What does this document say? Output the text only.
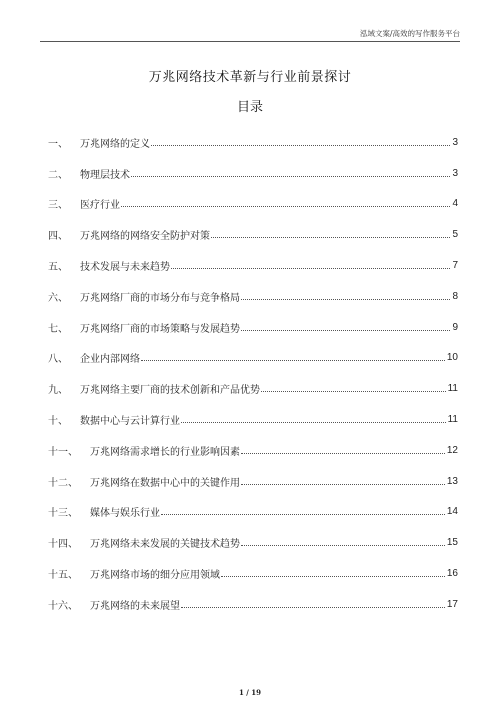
泓域文案/高效的写作服务平台
万兆网络技术革新与行业前景探讨
目录
一、 万兆网络的定义	3
二、 物理层技术	3
三、 医疗行业	4
四、 万兆网络的网络安全防护对策	5
五、 技术发展与未来趋势	7
六、 万兆网络厂商的市场分布与竞争格局	8
七、 万兆网络厂商的市场策略与发展趋势	9
八、 企业内部网络	10
九、 万兆网络主要厂商的技术创新和产品优势	11
十、 数据中心与云计算行业	11
十一、 万兆网络需求增长的行业影响因素	12
十二、 万兆网络在数据中心中的关键作用	13
十三、 媒体与娱乐行业	14
十四、 万兆网络未来发展的关键技术趋势	15
十五、 万兆网络市场的细分应用领域	16
十六、 万兆网络的未来展望	17
1 / 19
